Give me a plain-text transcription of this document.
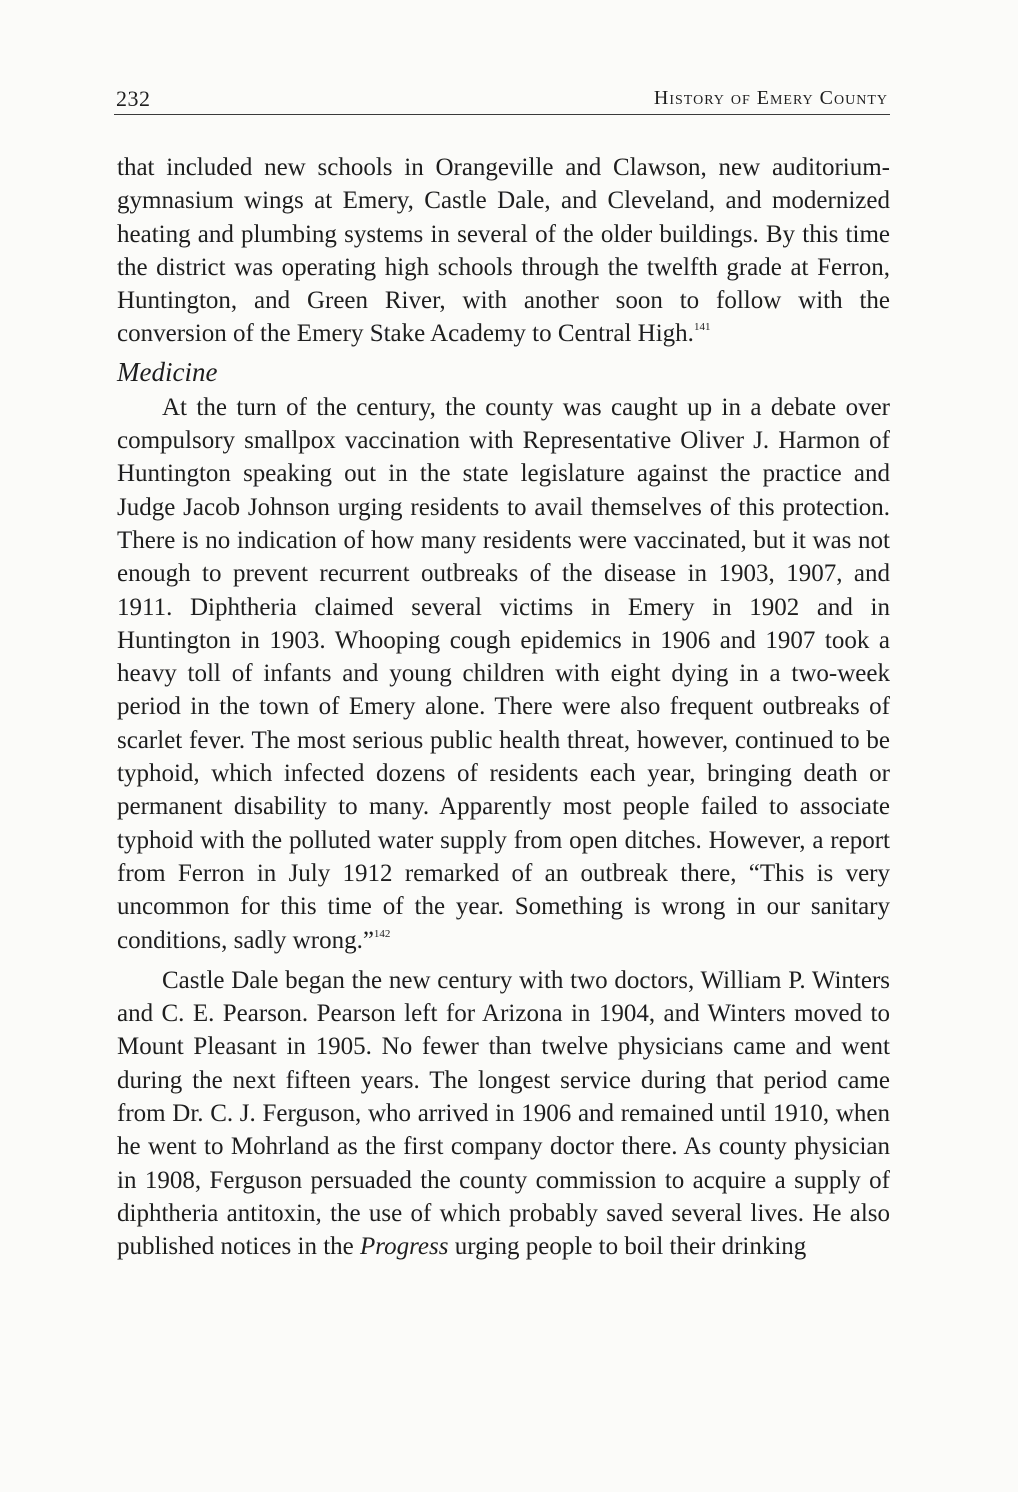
232	History of Emery County

that included new schools in Orangeville and Clawson, new auditorium-gymnasium wings at Emery, Castle Dale, and Cleveland, and modernized heating and plumbing systems in several of the older buildings. By this time the district was operating high schools through the twelfth grade at Ferron, Huntington, and Green River, with another soon to follow with the conversion of the Emery Stake Academy to Central High.$^{141}$

Medicine

At the turn of the century, the county was caught up in a debate over compulsory smallpox vaccination with Representative Oliver J. Harmon of Huntington speaking out in the state legislature against the practice and Judge Jacob Johnson urging residents to avail themselves of this protection. There is no indication of how many residents were vaccinated, but it was not enough to prevent recurrent outbreaks of the disease in 1903, 1907, and 1911. Diphtheria claimed several victims in Emery in 1902 and in Huntington in 1903. Whooping cough epidemics in 1906 and 1907 took a heavy toll of infants and young children with eight dying in a two-week period in the town of Emery alone. There were also frequent outbreaks of scarlet fever. The most serious public health threat, however, continued to be typhoid, which infected dozens of residents each year, bringing death or permanent disability to many. Apparently most people failed to associate typhoid with the polluted water supply from open ditches. However, a report from Ferron in July 1912 remarked of an outbreak there, “This is very uncommon for this time of the year. Something is wrong in our sanitary conditions, sadly wrong.”$^{142}$

Castle Dale began the new century with two doctors, William P. Winters and C. E. Pearson. Pearson left for Arizona in 1904, and Winters moved to Mount Pleasant in 1905. No fewer than twelve physicians came and went during the next fifteen years. The longest service during that period came from Dr. C. J. Ferguson, who arrived in 1906 and remained until 1910, when he went to Mohrland as the first company doctor there. As county physician in 1908, Ferguson persuaded the county commission to acquire a supply of diphtheria antitoxin, the use of which probably saved several lives. He also published notices in the Progress urging people to boil their drinking
